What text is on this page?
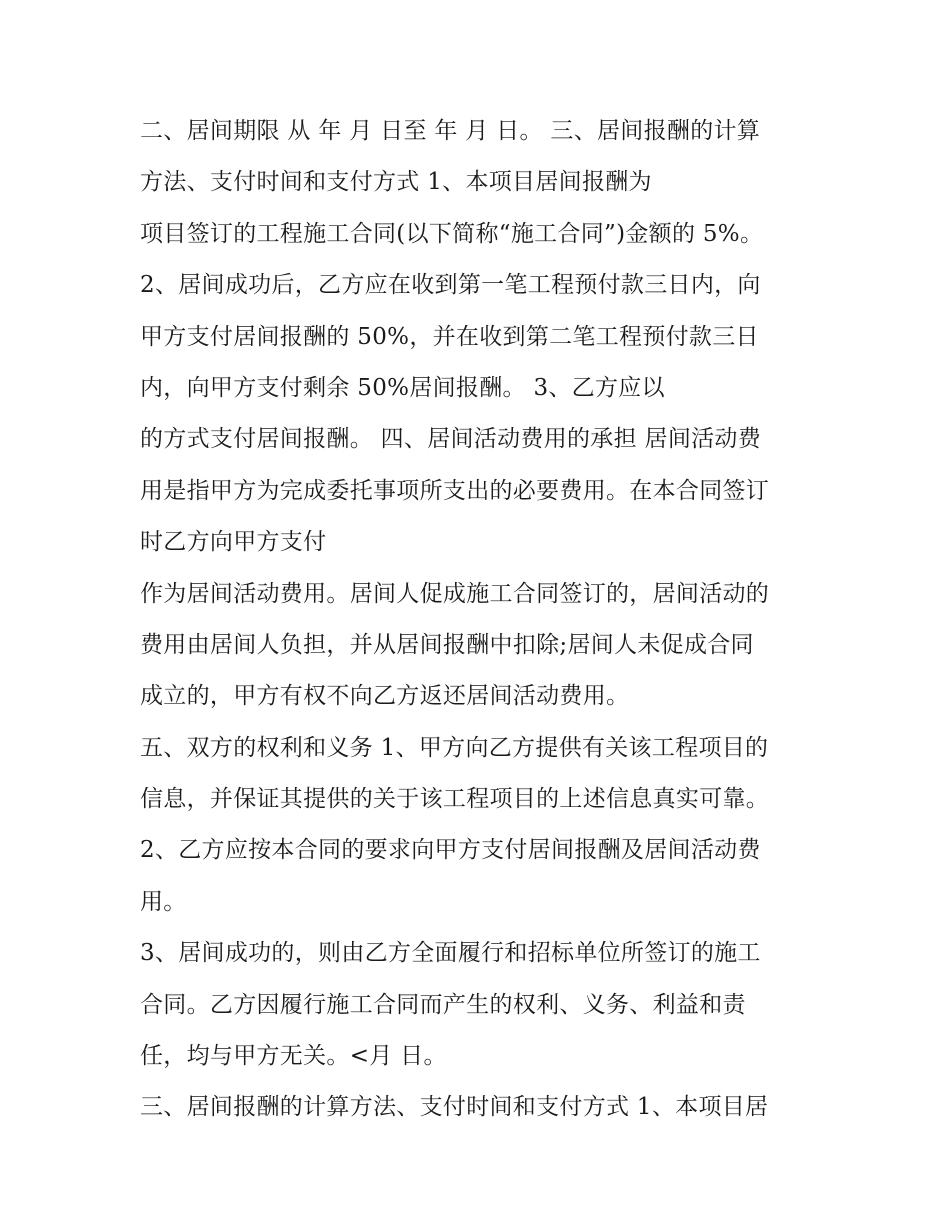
二、居间期限 从 年 月 日至 年 月 日。 三、居间报酬的计算
方法、支付时间和支付方式 1、本项目居间报酬为
项目签订的工程施工合同(以下简称“施工合同”)金额的 5%。
2、居间成功后，乙方应在收到第一笔工程预付款三日内，向
甲方支付居间报酬的 50%，并在收到第二笔工程预付款三日
内，向甲方支付剩余 50%居间报酬。 3、乙方应以
的方式支付居间报酬。 四、居间活动费用的承担 居间活动费
用是指甲方为完成委托事项所支出的必要费用。在本合同签订
时乙方向甲方支付
作为居间活动费用。居间人促成施工合同签订的，居间活动的
费用由居间人负担，并从居间报酬中扣除;居间人未促成合同
成立的，甲方有权不向乙方返还居间活动费用。
五、双方的权利和义务 1、甲方向乙方提供有关该工程项目的
信息，并保证其提供的关于该工程项目的上述信息真实可靠。
2、乙方应按本合同的要求向甲方支付居间报酬及居间活动费
用。
3、居间成功的，则由乙方全面履行和招标单位所签订的施工
合同。乙方因履行施工合同而产生的权利、义务、利益和责
任，均与甲方无关。<月 日。
三、居间报酬的计算方法、支付时间和支付方式 1、本项目居
